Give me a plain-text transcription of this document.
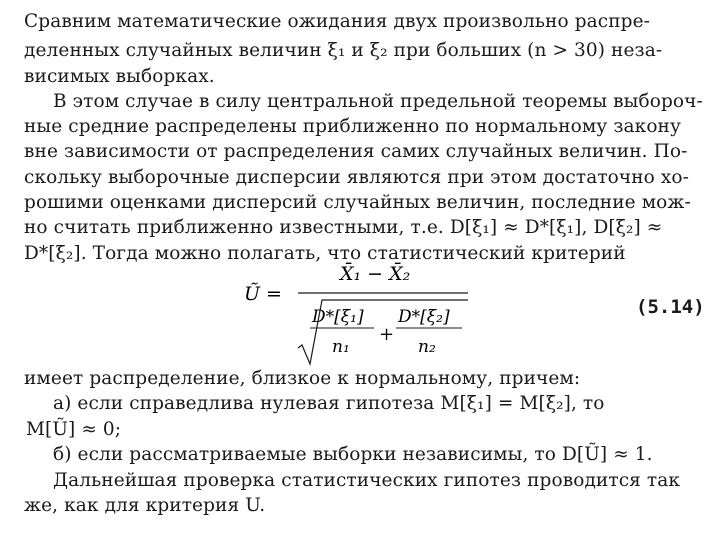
Сравним математические ожидания двух произвольно распре-
деленных случайных величин ξ₁ и ξ₂ при больших (n > 30) неза-
висимых выборках.
В этом случае в силу центральной предельной теоремы выбороч-
ные средние распределены приближенно по нормальному закону
вне зависимости от распределения самих случайных величин. По-
скольку выборочные дисперсии являются при этом достаточно хо-
рошими оценками дисперсий случайных величин, последние мож-
но считать приближенно известными, т.е. D[ξ₁] ≈ D*[ξ₁], D[ξ₂] ≈
D*[ξ₂]. Тогда можно полагать, что статистический критерий
Ũ =
X̄₁ − X̄₂
D*[ξ₁]
n₁
+
D*[ξ₂]
n₂
(5.14)
имеет распределение, близкое к нормальному, причем:
а) если справедлива нулевая гипотеза M[ξ₁] = M[ξ₂], то
M[Ũ] ≈ 0;
б) если рассматриваемые выборки независимы, то D[Ũ] ≈ 1.
Дальнейшая проверка статистических гипотез проводится так
же, как для критерия U.
